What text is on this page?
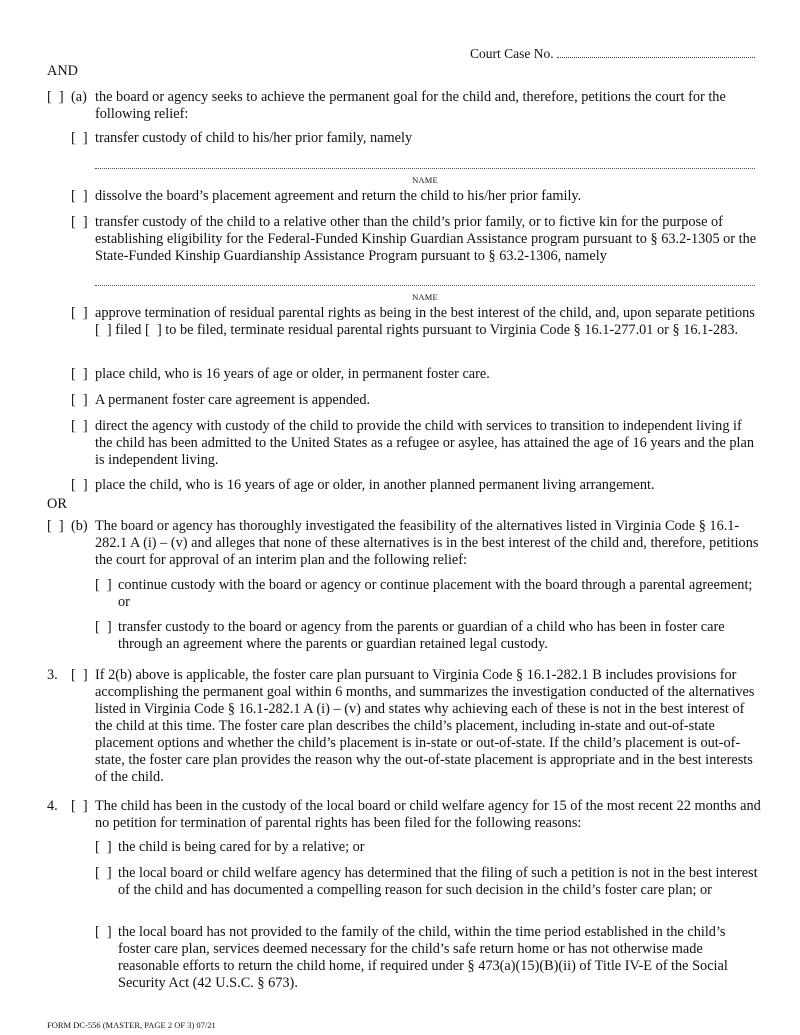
Court Case No.
AND
[  ] (a) the board or agency seeks to achieve the permanent goal for the child and, therefore, petitions the court for the following relief:
[  ] transfer custody of child to his/her prior family, namely
NAME
[  ] dissolve the board’s placement agreement and return the child to his/her prior family.
[  ] transfer custody of the child to a relative other than the child’s prior family, or to fictive kin for the purpose of establishing eligibility for the Federal-Funded Kinship Guardian Assistance program pursuant to § 63.2-1305 or the State-Funded Kinship Guardianship Assistance Program pursuant to § 63.2-1306, namely
NAME
[  ] approve termination of residual parental rights as being in the best interest of the child, and, upon separate petitions [  ] filed [  ] to be filed, terminate residual parental rights pursuant to Virginia Code § 16.1-277.01 or § 16.1-283.
[  ] place child, who is 16 years of age or older, in permanent foster care.
[  ] A permanent foster care agreement is appended.
[  ] direct the agency with custody of the child to provide the child with services to transition to independent living if the child has been admitted to the United States as a refugee or asylee, has attained the age of 16 years and the plan is independent living.
[  ] place the child, who is 16 years of age or older, in another planned permanent living arrangement.
OR
[  ] (b) The board or agency has thoroughly investigated the feasibility of the alternatives listed in Virginia Code § 16.1-282.1 A (i) – (v) and alleges that none of these alternatives is in the best interest of the child and, therefore, petitions the court for approval of an interim plan and the following relief:
[  ] continue custody with the board or agency or continue placement with the board through a parental agreement; or
[  ] transfer custody to the board or agency from the parents or guardian of a child who has been in foster care through an agreement where the parents or guardian retained legal custody.
3. [  ] If 2(b) above is applicable, the foster care plan pursuant to Virginia Code § 16.1-282.1 B includes provisions for accomplishing the permanent goal within 6 months, and summarizes the investigation conducted of the alternatives listed in Virginia Code § 16.1-282.1 A (i) – (v) and states why achieving each of these is not in the best interest of the child at this time. The foster care plan describes the child’s placement, including in-state and out-of-state placement options and whether the child’s placement is in-state or out-of-state. If the child’s placement is out-of-state, the foster care plan provides the reason why the out-of-state placement is appropriate and in the best interests of the child.
4. [  ] The child has been in the custody of the local board or child welfare agency for 15 of the most recent 22 months and no petition for termination of parental rights has been filed for the following reasons:
[  ] the child is being cared for by a relative; or
[  ] the local board or child welfare agency has determined that the filing of such a petition is not in the best interest of the child and has documented a compelling reason for such decision in the child’s foster care plan; or
[  ] the local board has not provided to the family of the child, within the time period established in the child’s foster care plan, services deemed necessary for the child’s safe return home or has not otherwise made reasonable efforts to return the child home, if required under § 473(a)(15)(B)(ii) of Title IV-E of the Social Security Act (42 U.S.C. § 673).
FORM DC-556 (MASTER, PAGE 2 OF 3) 07/21
